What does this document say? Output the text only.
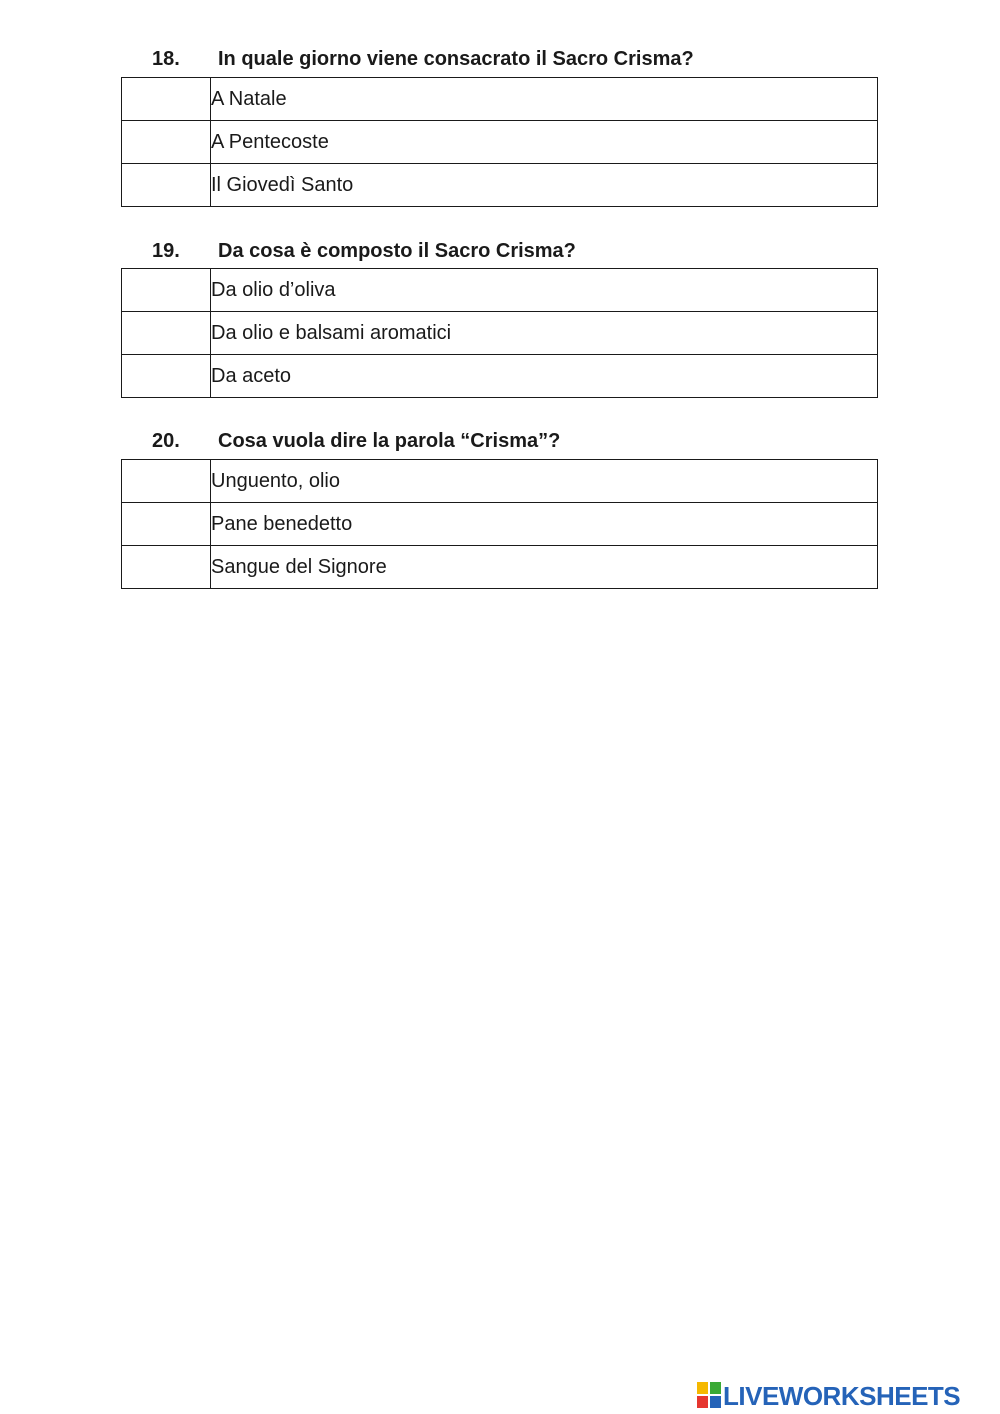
18. In quale giorno viene consacrato il Sacro Crisma?
	A Natale
	A Pentecoste
	Il Giovedì Santo
19. Da cosa è composto il Sacro Crisma?
	Da olio d’oliva
	Da olio e balsami aromatici
	Da aceto
20. Cosa vuola dire la parola “Crisma”?
	Unguento, olio
	Pane benedetto
	Sangue del Signore
LIVEWORKSHEETS
